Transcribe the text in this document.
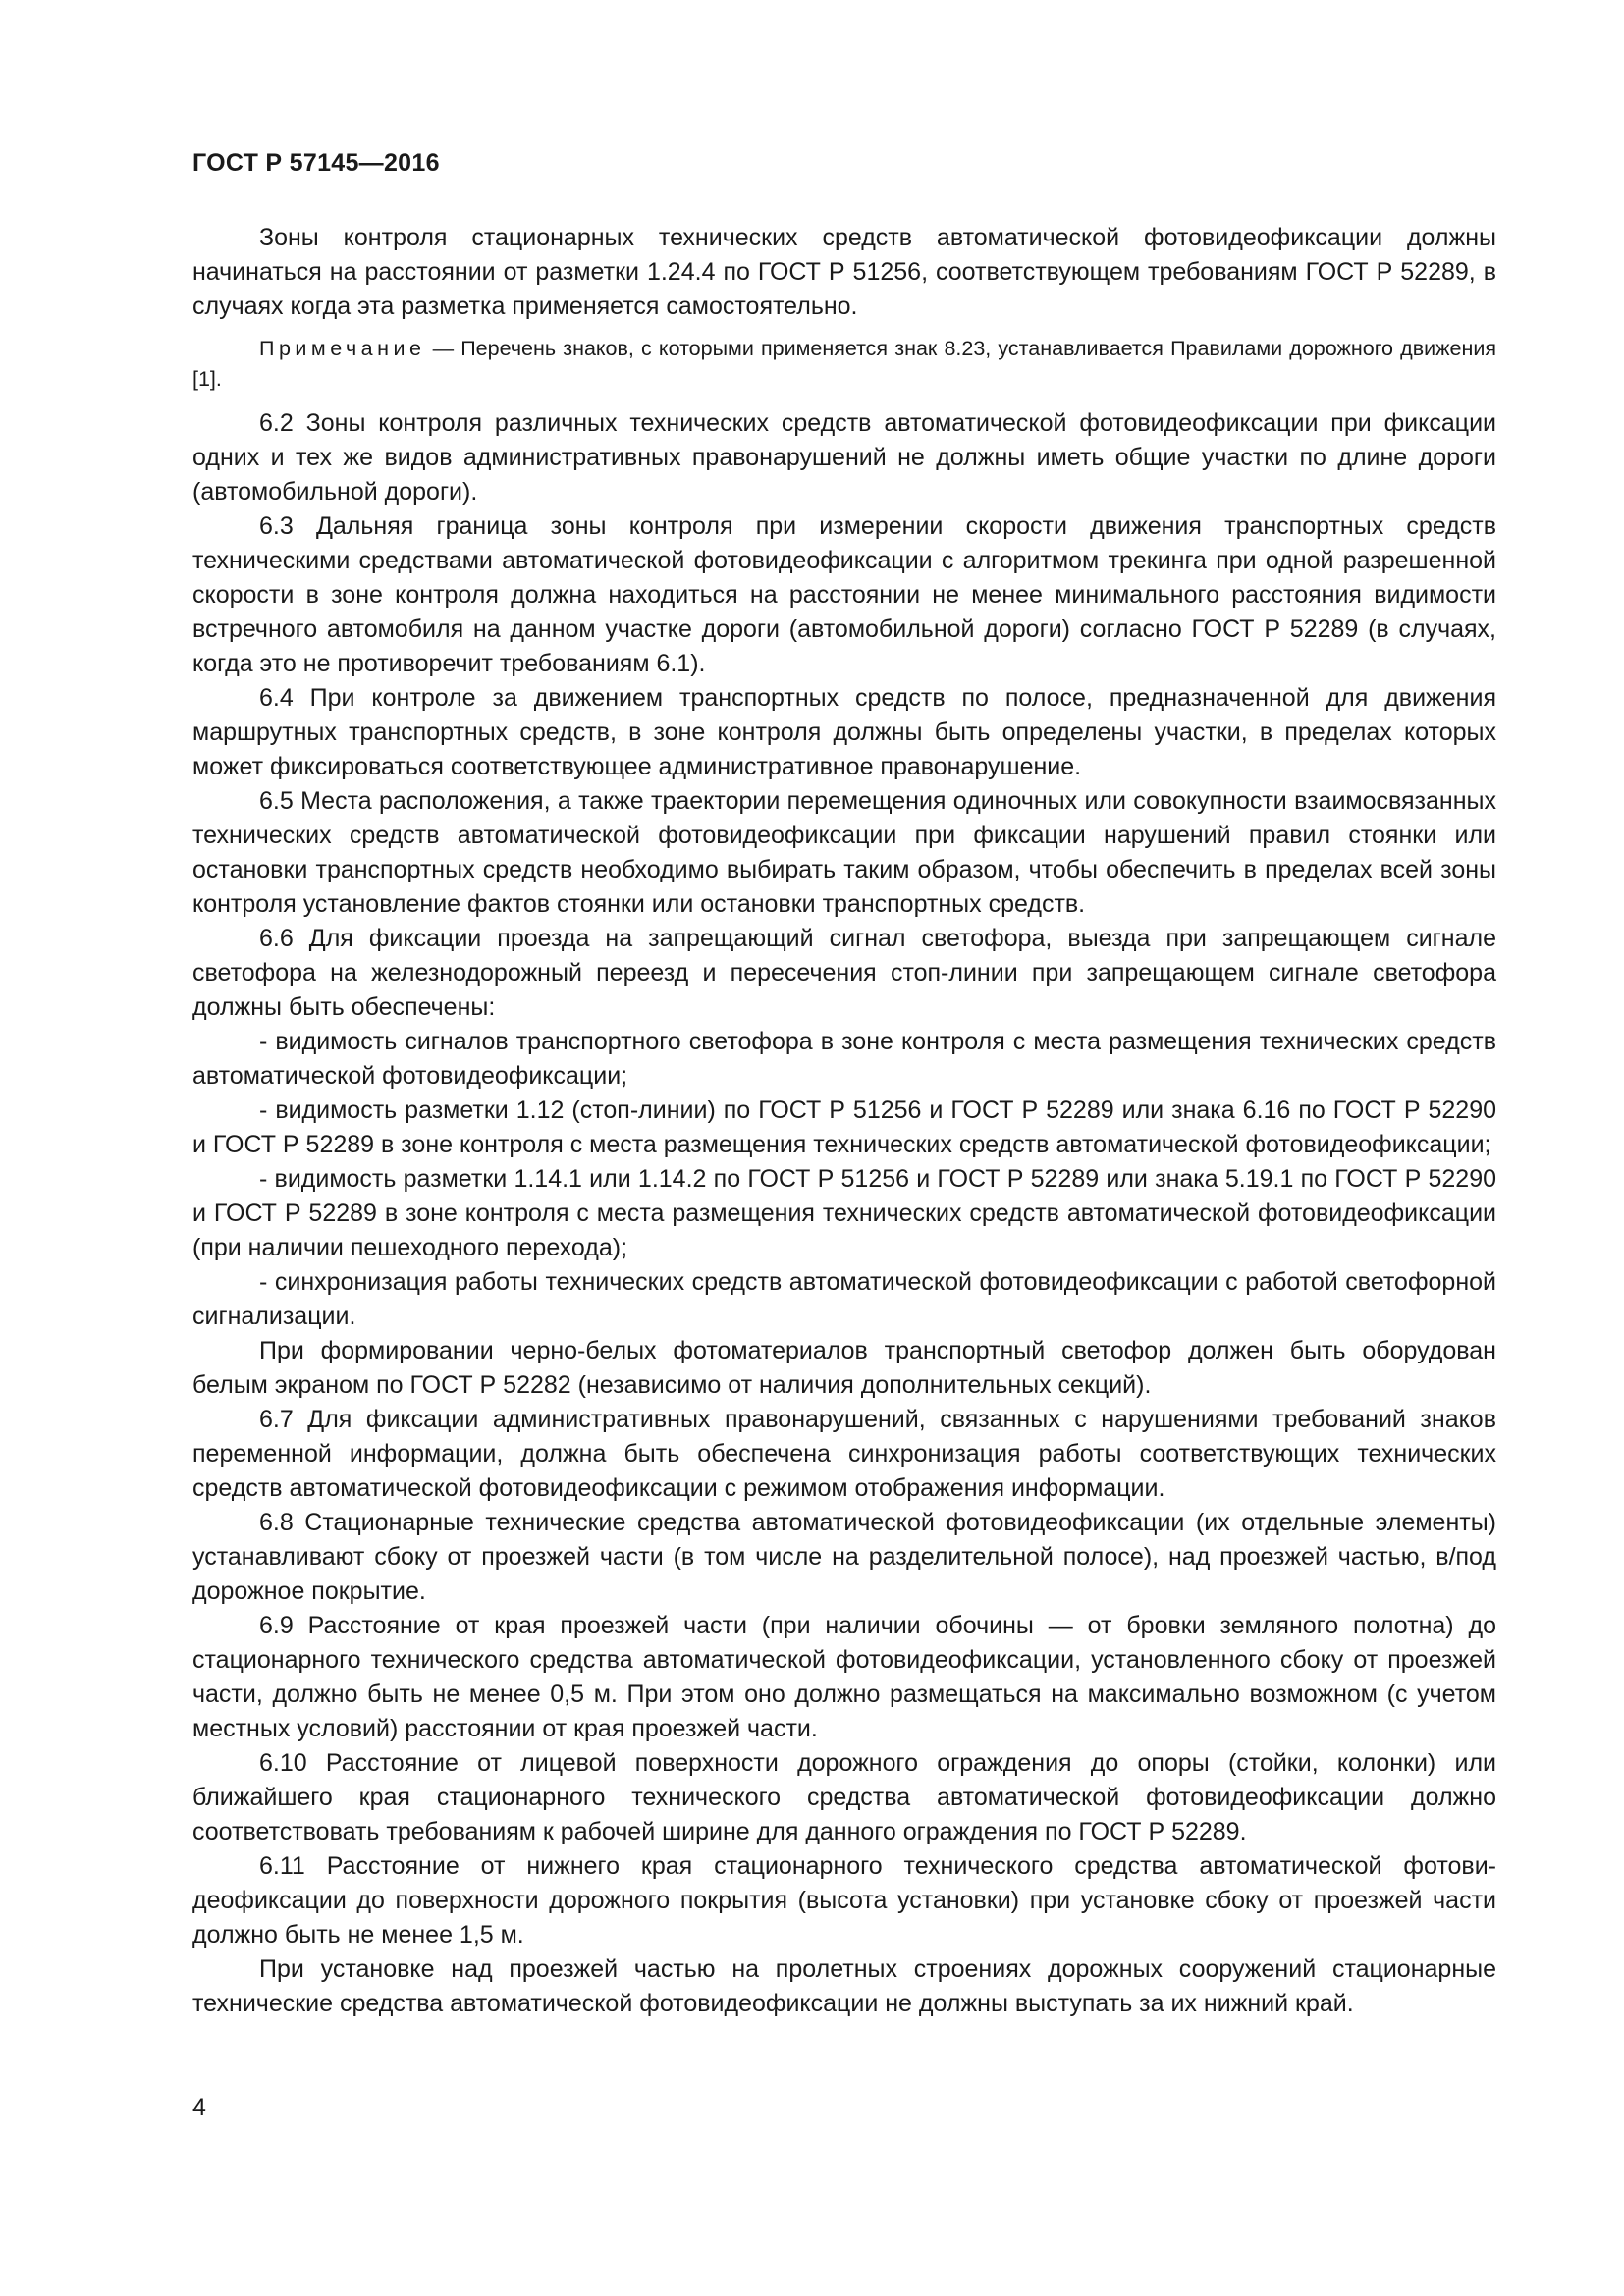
ГОСТ Р 57145—2016

Зоны контроля стационарных технических средств автоматической фотовидеофиксации должны начинаться на расстоянии от разметки 1.24.4 по ГОСТ Р 51256, соответствующем требованиям ГОСТ Р 52289, в случаях когда эта разметка применяется самостоятельно.

Примечание — Перечень знаков, с которыми применяется знак 8.23, устанавливается Правилами дорожного движения [1].

6.2 Зоны контроля различных технических средств автоматической фотовидеофиксации при фиксации одних и тех же видов административных правонарушений не должны иметь общие участки по длине дороги (автомобильной дороги).

6.3 Дальняя граница зоны контроля при измерении скорости движения транспортных средств техническими средствами автоматической фотовидеофиксации с алгоритмом трекинга при одной разрешенной скорости в зоне контроля должна находиться на расстоянии не менее минимального расстояния видимости встречного автомобиля на данном участке дороги (автомобильной дороги) согласно ГОСТ Р 52289 (в случаях, когда это не противоречит требованиям 6.1).

6.4 При контроле за движением транспортных средств по полосе, предназначенной для движения маршрутных транспортных средств, в зоне контроля должны быть определены участки, в пределах которых может фиксироваться соответствующее административное правонарушение.

6.5 Места расположения, а также траектории перемещения одиночных или совокупности взаимосвязанных технических средств автоматической фотовидеофиксации при фиксации нарушений правил стоянки или остановки транспортных средств необходимо выбирать таким образом, чтобы обеспечить в пределах всей зоны контроля установление фактов стоянки или остановки транспортных средств.

6.6 Для фиксации проезда на запрещающий сигнал светофора, выезда при запрещающем сигнале светофора на железнодорожный переезд и пересечения стоп-линии при запрещающем сигнале светофора должны быть обеспечены:

- видимость сигналов транспортного светофора в зоне контроля с места размещения технических средств автоматической фотовидеофиксации;

- видимость разметки 1.12 (стоп-линии) по ГОСТ Р 51256 и ГОСТ Р 52289 или знака 6.16 по ГОСТ Р 52290 и ГОСТ Р 52289 в зоне контроля с места размещения технических средств автоматической фотовидеофиксации;

- видимость разметки 1.14.1 или 1.14.2 по ГОСТ Р 51256 и ГОСТ Р 52289 или знака 5.19.1 по ГОСТ Р 52290 и ГОСТ Р 52289 в зоне контроля с места размещения технических средств автоматической фотовидеофиксации (при наличии пешеходного перехода);

- синхронизация работы технических средств автоматической фотовидеофиксации с работой светофорной сигнализации.

При формировании черно-белых фотоматериалов транспортный светофор должен быть оборудован белым экраном по ГОСТ Р 52282 (независимо от наличия дополнительных секций).

6.7 Для фиксации административных правонарушений, связанных с нарушениями требований знаков переменной информации, должна быть обеспечена синхронизация работы соответствующих технических средств автоматической фотовидеофиксации с режимом отображения информации.

6.8 Стационарные технические средства автоматической фотовидеофиксации (их отдельные элементы) устанавливают сбоку от проезжей части (в том числе на разделительной полосе), над проезжей частью, в/под дорожное покрытие.

6.9 Расстояние от края проезжей части (при наличии обочины — от бровки земляного полотна) до стационарного технического средства автоматической фотовидеофиксации, установленного сбоку от проезжей части, должно быть не менее 0,5 м. При этом оно должно размещаться на максимально возможном (с учетом местных условий) расстоянии от края проезжей части.

6.10 Расстояние от лицевой поверхности дорожного ограждения до опоры (стойки, колонки) или ближайшего края стационарного технического средства автоматической фотовидеофиксации должно соответствовать требованиям к рабочей ширине для данного ограждения по ГОСТ Р 52289.

6.11 Расстояние от нижнего края стационарного технического средства автоматической фотовидеофиксации до поверхности дорожного покрытия (высота установки) при установке сбоку от проезжей части должно быть не менее 1,5 м.

При установке над проезжей частью на пролетных строениях дорожных сооружений стационарные технические средства автоматической фотовидеофиксации не должны выступать за их нижний край.

4
